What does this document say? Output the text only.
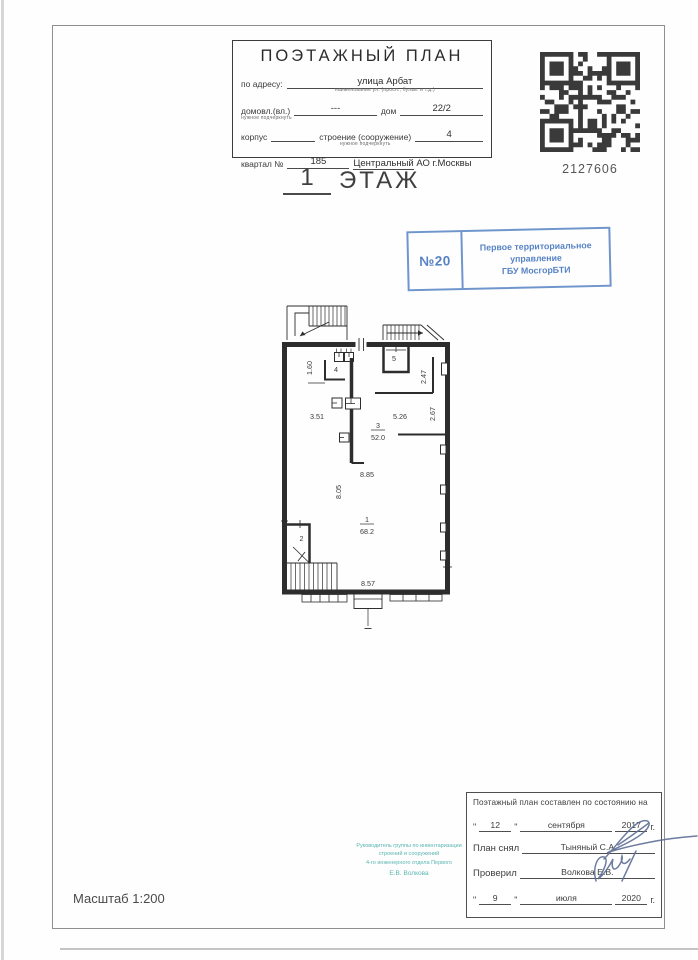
ПОЭТАЖНЫЙ ПЛАН
по адресу:	улица Арбат
наименование ул. (просп., бульв. и т.д.)
домовл.(вл.)
нужное подчеркнуть
---	дом	22/2
корпус	строение (сооружение)
нужное подчеркнуть
4
квартал №	185	Центральный АО г.Москвы	2127606
1	ЭТАЖ
№20
Первое территориальное
управление
ГБУ МосгорБТИ
1.60	4
5
2.47
3.51	5.26	2.67
3
52.0
8.85
8.05
1
68.2
2
8.57
Руководитель группы по инвентаризации
строений и сооружений
4-го инженерного отдела Первого
Е.В. Волкова
Поэтажный план составлен по состоянию на
"	12	"	сентября	2017	г.
План снял	Тыняный С.А.
Проверил	Волкова Е.В.
"	9	"	июля	2020	г.
Масштаб 1:200
